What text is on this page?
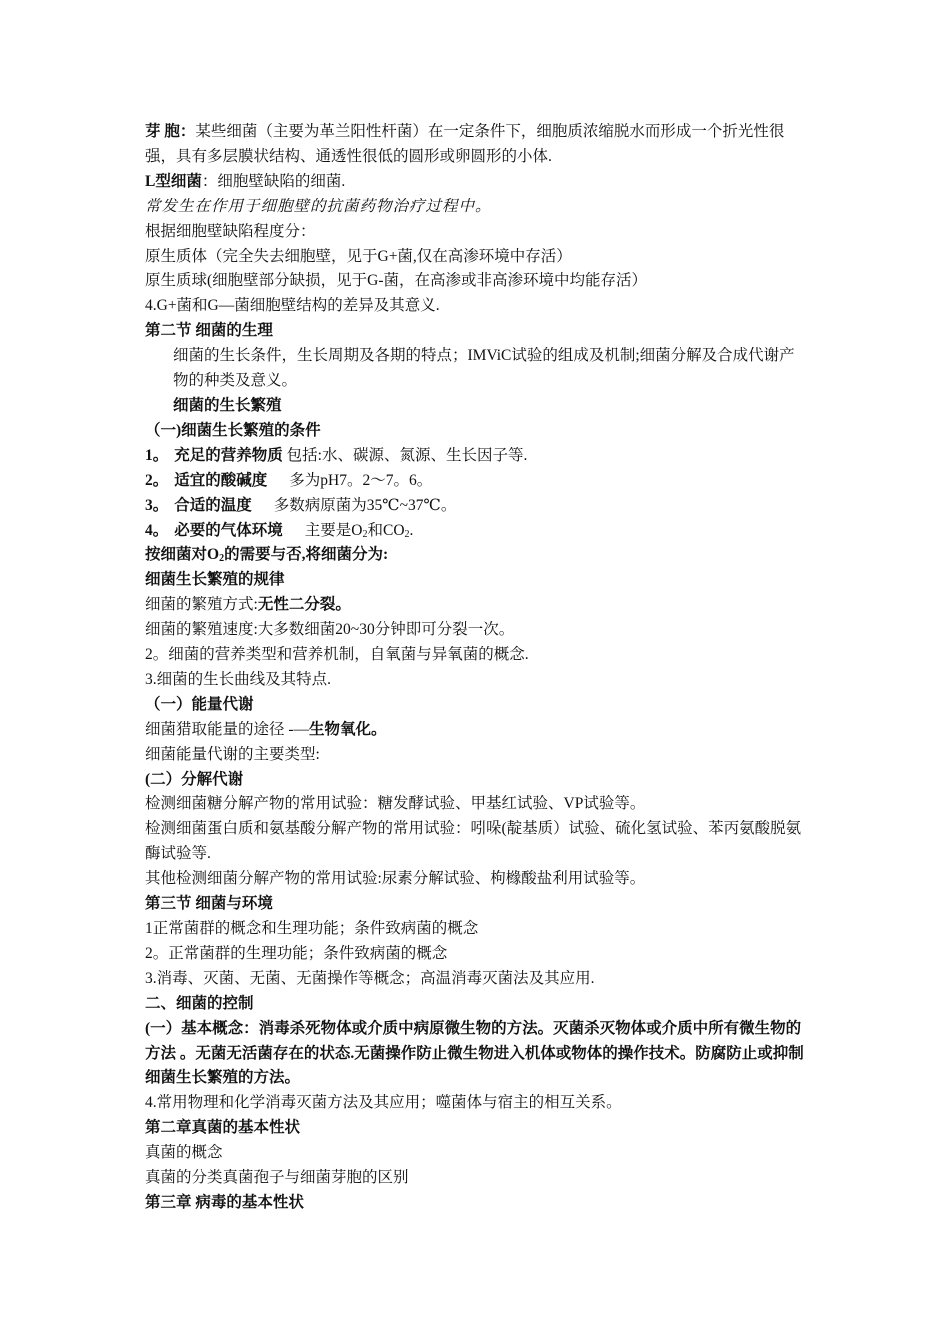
芽 胞：某些细菌（主要为革兰阳性杆菌）在一定条件下，细胞质浓缩脱水而形成一个折光性很强，具有多层膜状结构、通透性很低的圆形或卵圆形的小体.
L型细菌：细胞壁缺陷的细菌.
常发生在作用于细胞壁的抗菌药物治疗过程中。
根据细胞壁缺陷程度分：
原生质体（完全失去细胞壁，见于G+菌,仅在高渗环境中存活）
原生质球(细胞壁部分缺损，见于G-菌，在高渗或非高渗环境中均能存活）
4.G+菌和G—菌细胞壁结构的差异及其意义.
第二节 细菌的生理
细菌的生长条件，生长周期及各期的特点；IMViC试验的组成及机制;细菌分解及合成代谢产物的种类及意义。
细菌的生长繁殖
（一)细菌生长繁殖的条件
1。 充足的营养物质 包括:水、碳源、氮源、生长因子等.
2。 适宜的酸碱度 多为pH7。2～7。6。
3。 合适的温度 多数病原菌为35℃~37℃。
4。 必要的气体环境 主要是$O_2$和$CO_2$.
按细菌对$O_2$的需要与否,将细菌分为:
细菌生长繁殖的规律
细菌的繁殖方式:无性二分裂。
细菌的繁殖速度:大多数细菌20~30分钟即可分裂一次。
2。细菌的营养类型和营养机制，自氧菌与异氧菌的概念.
3.细菌的生长曲线及其特点.
（一）能量代谢
细菌猎取能量的途径 -—生物氧化。
细菌能量代谢的主要类型:
(二）分解代谢
检测细菌糖分解产物的常用试验：糖发酵试验、甲基红试验、VP试验等。
检测细菌蛋白质和氨基酸分解产物的常用试验：吲哚(靛基质）试验、硫化氢试验、苯丙氨酸脱氨酶试验等.
其他检测细菌分解产物的常用试验:尿素分解试验、枸橼酸盐利用试验等。
第三节 细菌与环境
1正常菌群的概念和生理功能；条件致病菌的概念
2。正常菌群的生理功能；条件致病菌的概念
3.消毒、灭菌、无菌、无菌操作等概念；高温消毒灭菌法及其应用.
二、细菌的控制
(一）基本概念：消毒杀死物体或介质中病原微生物的方法。灭菌杀灭物体或介质中所有微生物的方法 。无菌无活菌存在的状态.无菌操作防止微生物进入机体或物体的操作技术。防腐防止或抑制细菌生长繁殖的方法。
4.常用物理和化学消毒灭菌方法及其应用；噬菌体与宿主的相互关系。
第二章真菌的基本性状
真菌的概念
真菌的分类真菌孢子与细菌芽胞的区别
第三章 病毒的基本性状
